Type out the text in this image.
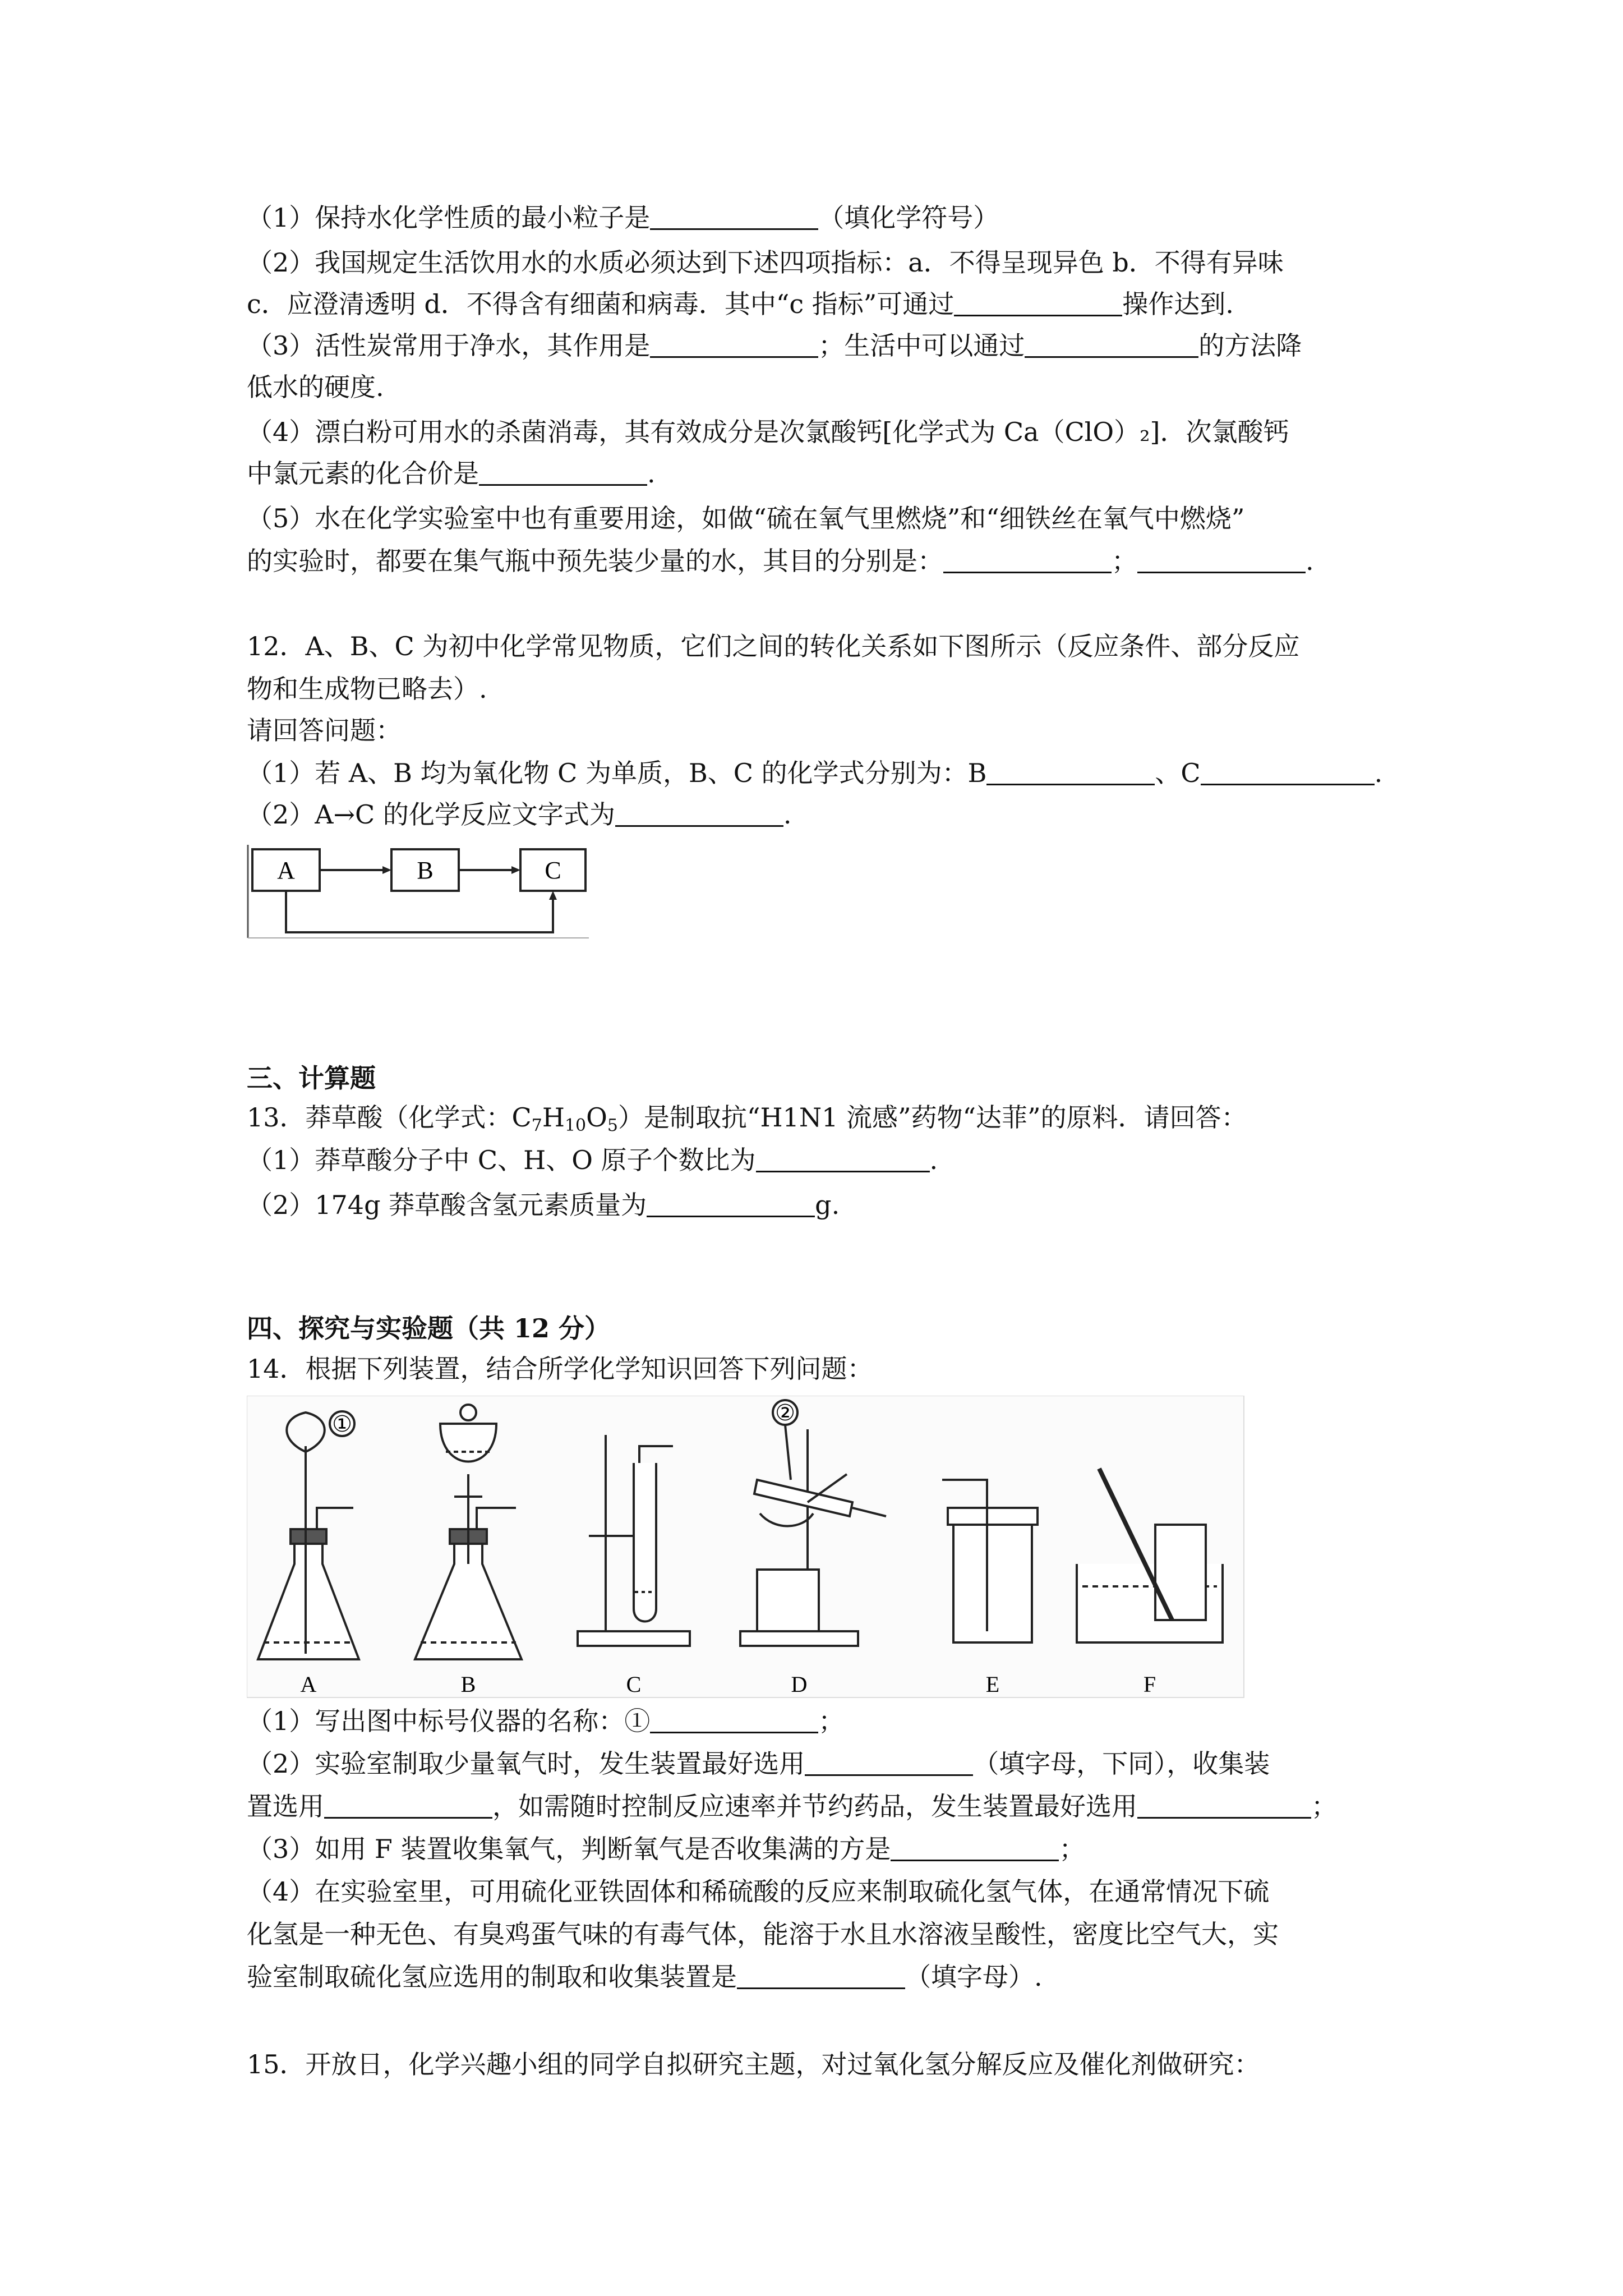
（1）保持水化学性质的最小粒子是	（填化学符号）
（2）我国规定生活饮用水的水质必须达到下述四项指标：a．不得呈现异色 b．不得有异味
c．应澄清透明 d．不得含有细菌和病毒．其中“c 指标”可通过	操作达到.
（3）活性炭常用于净水，其作用是	；生活中可以通过	的方法降
低水的硬度.
（4）漂白粉可用水的杀菌消毒，其有效成分是次氯酸钙[化学式为 Ca（ClO）₂]．次氯酸钙
中氯元素的化合价是	.
（5）水在化学实验室中也有重要用途，如做“硫在氧气里燃烧”和“细铁丝在氧气中燃烧”
的实验时，都要在集气瓶中预先装少量的水，其目的分别是：	；	.
12．A、B、C 为初中化学常见物质，它们之间的转化关系如下图所示（反应条件、部分反应
物和生成物已略去）.
请回答问题：
（1）若 A、B 均为氧化物 C 为单质，B、C 的化学式分别为：B	、C	.
（2）A→C 的化学反应文字式为	.
A	B	C
三、计算题
13．莽草酸（化学式：$C_7H_{10}O_5$）是制取抗“H1N1 流感”药物“达菲”的原料．请回答：
（1）莽草酸分子中 C、H、O 原子个数比为	.
（2）174g 莽草酸含氢元素质量为	g.
四、探究与实验题（共 12 分）
14．根据下列装置，结合所学化学知识回答下列问题：
①	②
A	B	C	D	E	F
（1）写出图中标号仪器的名称：①	；
（2）实验室制取少量氧气时，发生装置最好选用	（填字母，下同），收集装
置选用	，如需随时控制反应速率并节约药品，发生装置最好选用	；
（3）如用 F 装置收集氧气，判断氧气是否收集满的方是	；
（4）在实验室里，可用硫化亚铁固体和稀硫酸的反应来制取硫化氢气体，在通常情况下硫
化氢是一种无色、有臭鸡蛋气味的有毒气体，能溶于水且水溶液呈酸性，密度比空气大，实
验室制取硫化氢应选用的制取和收集装置是	（填字母）.
15．开放日，化学兴趣小组的同学自拟研究主题，对过氧化氢分解反应及催化剂做研究：
